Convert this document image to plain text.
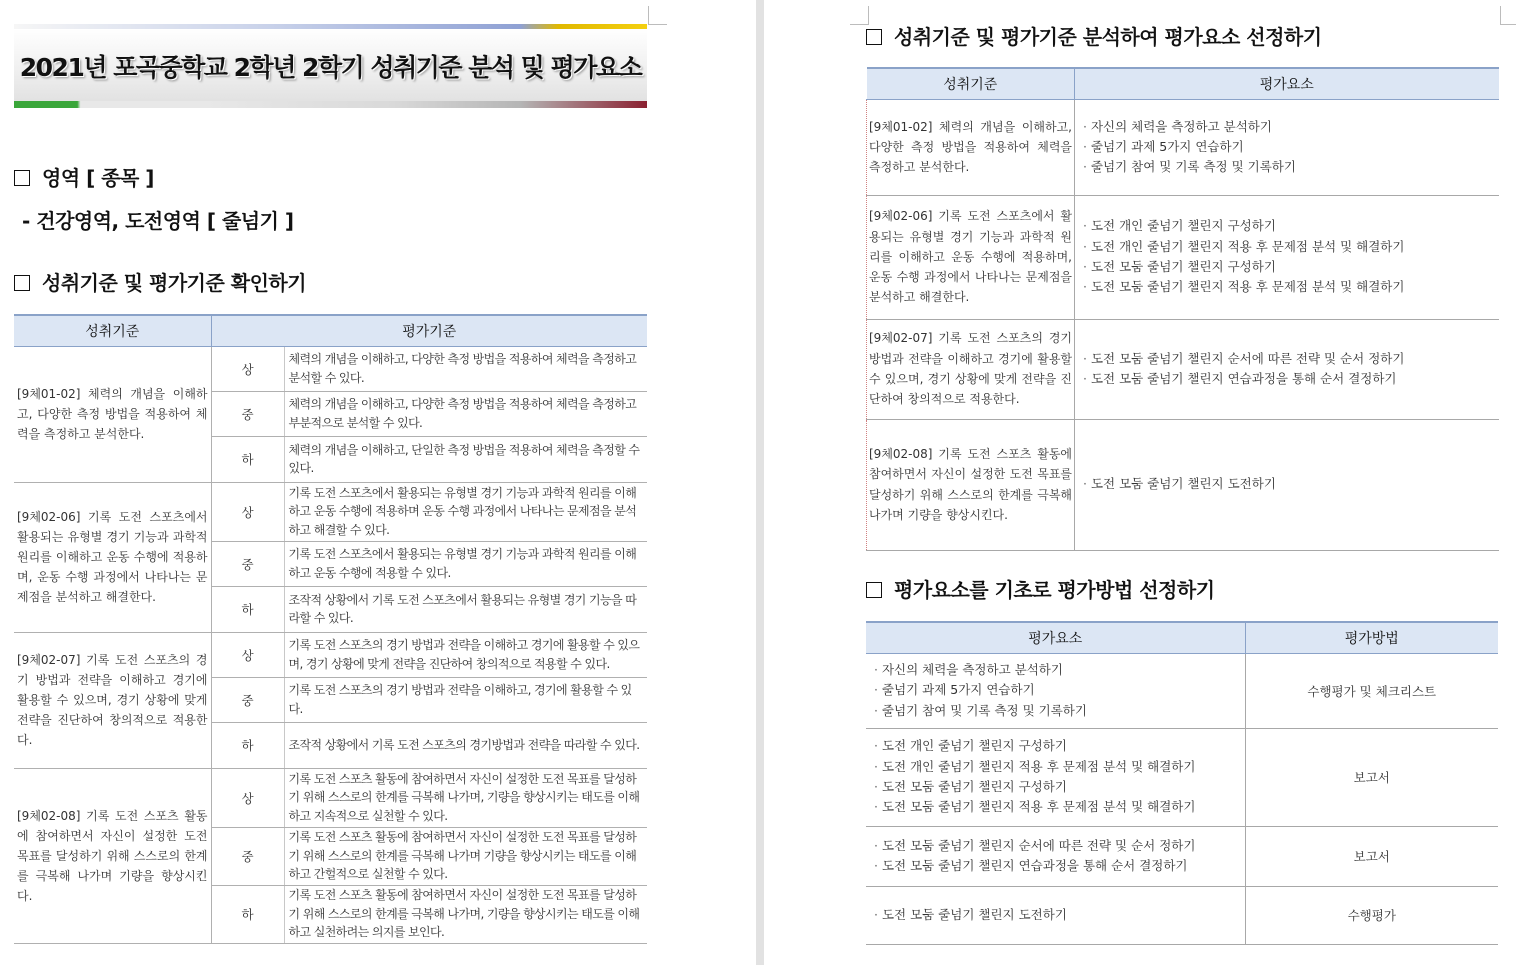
2021년 포곡중학교 2학년 2학기 성취기준 분석 및 평가요소
영역 [ 종목 ]
- 건강영역, 도전영역 [ 줄넘기 ]
성취기준 및 평가기준 확인하기
성취기준	평가기준	
[9체01-02] 체력의 개념을 이해하고, 다양한 측정 방법을 적용하여 체력을 측정하고 분석한다.	상	체력의 개념을 이해하고, 다양한 측정 방법을 적용하여 체력을 측정하고 분석할 수 있다.
	중	체력의 개념을 이해하고, 다양한 측정 방법을 적용하여 체력을 측정하고 부분적으로 분석할 수 있다.
	하	체력의 개념을 이해하고, 단일한 측정 방법을 적용하여 체력을 측정할 수 있다.
[9체02-06] 기록 도전 스포츠에서 활용되는 유형별 경기 기능과 과학적 원리를 이해하고 운동 수행에 적용하며, 운동 수행 과정에서 나타나는 문제점을 분석하고 해결한다.	상	기록 도전 스포츠에서 활용되는 유형별 경기 기능과 과학적 원리를 이해하고 운동 수행에 적용하며 운동 수행 과정에서 나타나는 문제점을 분석하고 해결할 수 있다.
	중	기록 도전 스포츠에서 활용되는 유형별 경기 기능과 과학적 원리를 이해하고 운동 수행에 적용할 수 있다.
	하	조작적 상황에서 기록 도전 스포츠에서 활용되는 유형별 경기 기능을 따라할 수 있다.
[9체02-07] 기록 도전 스포츠의 경기 방법과 전략을 이해하고 경기에 활용할 수 있으며, 경기 상황에 맞게 전략을 진단하여 창의적으로 적용한다.	상	기록 도전 스포츠의 경기 방법과 전략을 이해하고 경기에 활용할 수 있으며, 경기 상황에 맞게 전략을 진단하여 창의적으로 적용할 수 있다.
	중	기록 도전 스포츠의 경기 방법과 전략을 이해하고, 경기에 활용할 수 있다.
	하	조작적 상황에서 기록 도전 스포츠의 경기방법과 전략을 따라할 수 있다.
[9체02-08] 기록 도전 스포츠 활동에 참여하면서 자신이 설정한 도전 목표를 달성하기 위해 스스로의 한계를 극복해 나가며 기량을 향상시킨다.	상	기록 도전 스포츠 활동에 참여하면서 자신이 설정한 도전 목표를 달성하기 위해 스스로의 한계를 극복해 나가며, 기량을 향상시키는 태도를 이해하고 지속적으로 실천할 수 있다.
	중	기록 도전 스포츠 활동에 참여하면서 자신이 설정한 도전 목표를 달성하기 위해 스스로의 한계를 극복해 나가며 기량을 향상시키는 태도를 이해하고 간헐적으로 실천할 수 있다.
	하	기록 도전 스포츠 활동에 참여하면서 자신이 설정한 도전 목표를 달성하기 위해 스스로의 한계를 극복해 나가며, 기량을 향상시키는 태도를 이해하고 실천하려는 의지를 보인다.
성취기준 및 평가기준 분석하여 평가요소 선정하기
성취기준	평가요소
[9체01-02] 체력의 개념을 이해하고, 다양한 측정 방법을 적용하여 체력을 측정하고 분석한다.	· 자신의 체력을 측정하고 분석하기
· 줄넘기 과제 5가지 연습하기
· 줄넘기 참여 및 기록 측정 및 기록하기

[9체02-06] 기록 도전 스포츠에서 활용되는 유형별 경기 기능과 과학적 원리를 이해하고 운동 수행에 적용하며, 운동 수행 과정에서 나타나는 문제점을 분석하고 해결한다.	· 도전 개인 줄넘기 챌린지 구성하기
· 도전 개인 줄넘기 챌린지 적용 후 문제점 분석 및 해결하기
· 도전 모둠 줄넘기 챌린지 구성하기
· 도전 모둠 줄넘기 챌린지 적용 후 문제점 분석 및 해결하기

[9체02-07] 기록 도전 스포츠의 경기 방법과 전략을 이해하고 경기에 활용할 수 있으며, 경기 상황에 맞게 전략을 진단하여 창의적으로 적용한다.	· 도전 모둠 줄넘기 챌린지 순서에 따른 전략 및 순서 정하기
· 도전 모둠 줄넘기 챌린지 연습과정을 통해 순서 결정하기

[9체02-08] 기록 도전 스포츠 활동에 참여하면서 자신이 설정한 도전 목표를 달성하기 위해 스스로의 한계를 극복해 나가며 기량을 향상시킨다.	· 도전 모둠 줄넘기 챌린지 도전하기
평가요소를 기초로 평가방법 선정하기
평가요소	평가방법

· 자신의 체력을 측정하고 분석하기
· 줄넘기 과제 5가지 연습하기
· 줄넘기 참여 및 기록 측정 및 기록하기	수행평가 및 체크리스트

· 도전 개인 줄넘기 챌린지 구성하기
· 도전 개인 줄넘기 챌린지 적용 후 문제점 분석 및 해결하기
· 도전 모둠 줄넘기 챌린지 구성하기
· 도전 모둠 줄넘기 챌린지 적용 후 문제점 분석 및 해결하기	보고서

· 도전 모둠 줄넘기 챌린지 순서에 따른 전략 및 순서 정하기
· 도전 모둠 줄넘기 챌린지 연습과정을 통해 순서 결정하기	보고서

· 도전 모둠 줄넘기 챌린지 도전하기	수행평가
